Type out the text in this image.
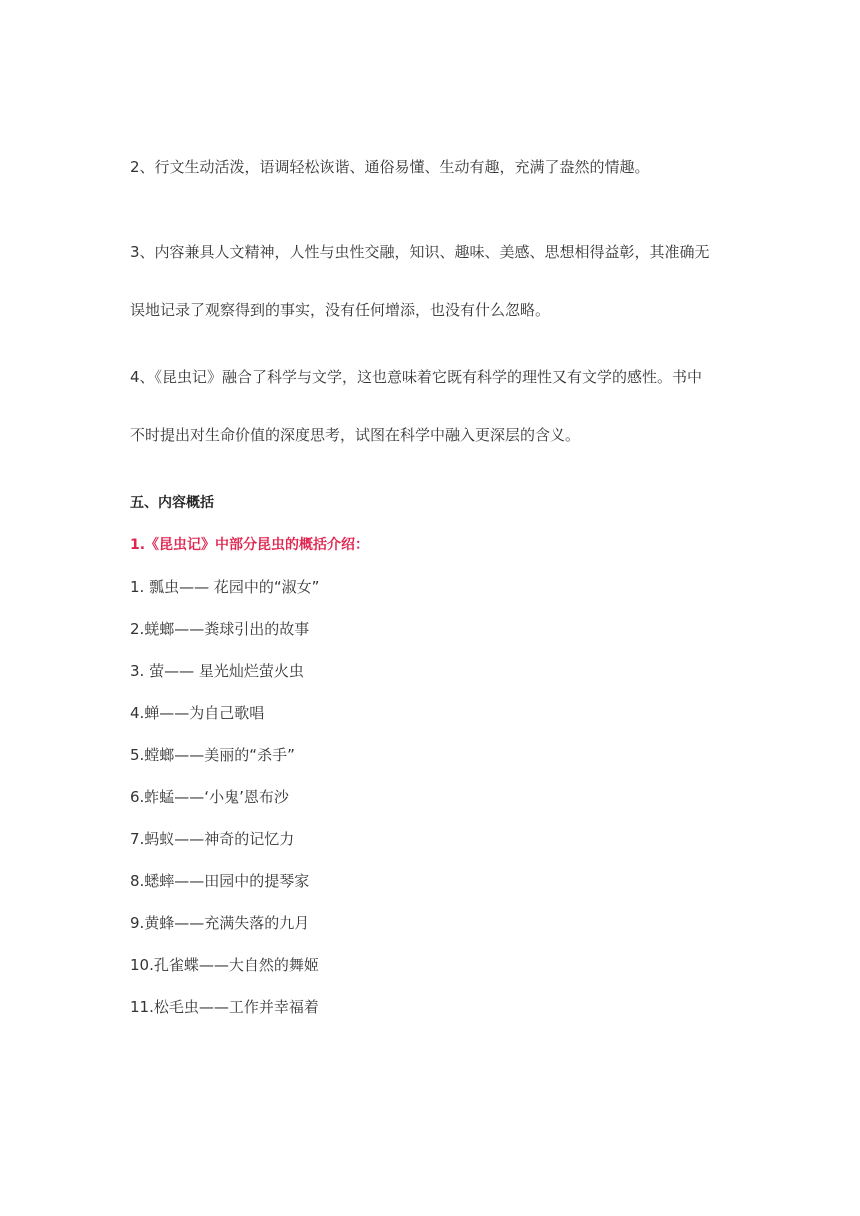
2、行文生动活泼，语调轻松诙谐、通俗易懂、生动有趣，充满了盎然的情趣。

3、内容兼具人文精神，人性与虫性交融，知识、趣味、美感、思想相得益彰，其准确无
误地记录了观察得到的事实，没有任何增添，也没有什么忽略。

4、《昆虫记》融合了科学与文学，这也意味着它既有科学的理性又有文学的感性。书中
不时提出对生命价值的深度思考，试图在科学中融入更深层的含义。

五、内容概括
1.《昆虫记》中部分昆虫的概括介绍：
1. 瓢虫—— 花园中的“淑女”
2.蜣螂——粪球引出的故事
3. 萤—— 星光灿烂萤火虫
4.蝉——为自己歌唱
5.螳螂——美丽的“杀手”
6.蚱蜢——‘小鬼’恩布沙
7.蚂蚁——神奇的记忆力
8.蟋蟀——田园中的提琴家
9.黄蜂——充满失落的九月
10.孔雀蝶——大自然的舞姬
11.松毛虫——工作并幸福着
